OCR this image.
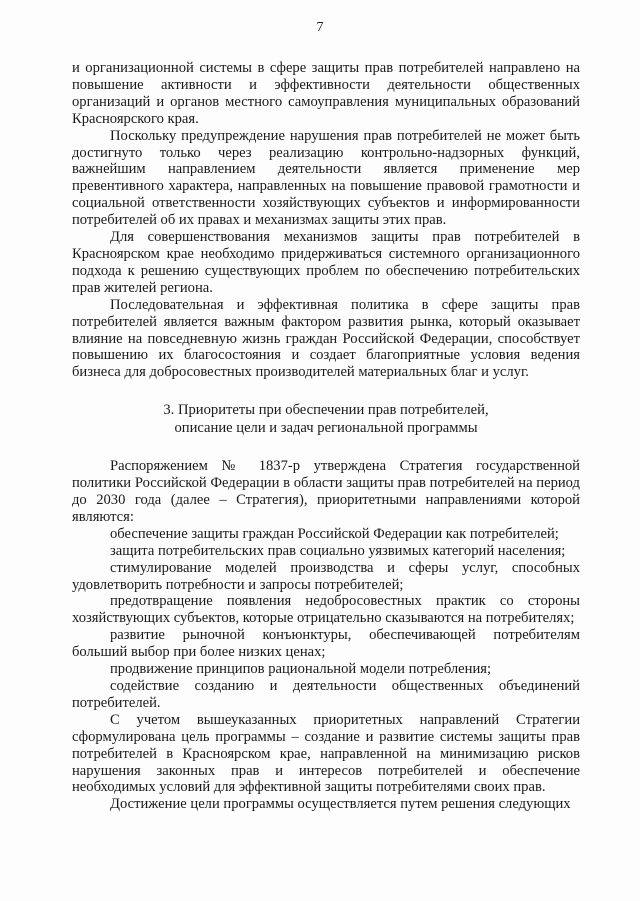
7

и организационной системы в сфере защиты прав потребителей направлено на повышение активности и эффективности деятельности общественных организаций и органов местного самоуправления муниципальных образований Красноярского края.

Поскольку предупреждение нарушения прав потребителей не может быть достигнуто только через реализацию контрольно-надзорных функций, важнейшим направлением деятельности является применение мер превентивного характера, направленных на повышение правовой грамотности и социальной ответственности хозяйствующих субъектов и информированности потребителей об их правах и механизмах защиты этих прав.

Для совершенствования механизмов защиты прав потребителей в Красноярском крае необходимо придерживаться системного организационного подхода к решению существующих проблем по обеспечению потребительских прав жителей региона.

Последовательная и эффективная политика в сфере защиты прав потребителей является важным фактором развития рынка, который оказывает влияние на повседневную жизнь граждан Российской Федерации, способствует повышению их благосостояния и создает благоприятные условия ведения бизнеса для добросовестных производителей материальных благ и услуг.

3. Приоритеты при обеспечении прав потребителей,
описание цели и задач региональной программы

Распоряжением № 1837-р утверждена Стратегия государственной политики Российской Федерации в области защиты прав потребителей на период до 2030 года (далее – Стратегия), приоритетными направлениями которой являются:

обеспечение защиты граждан Российской Федерации как потребителей;

защита потребительских прав социально уязвимых категорий населения;

стимулирование моделей производства и сферы услуг, способных удовлетворить потребности и запросы потребителей;

предотвращение появления недобросовестных практик со стороны хозяйствующих субъектов, которые отрицательно сказываются на потребителях;

развитие рыночной конъюнктуры, обеспечивающей потребителям больший выбор при более низких ценах;

продвижение принципов рациональной модели потребления;

содействие созданию и деятельности общественных объединений потребителей.

С учетом вышеуказанных приоритетных направлений Стратегии сформулирована цель программы – создание и развитие системы защиты прав потребителей в Красноярском крае, направленной на минимизацию рисков нарушения законных прав и интересов потребителей и обеспечение необходимых условий для эффективной защиты потребителями своих прав.

Достижение цели программы осуществляется путем решения следующих
